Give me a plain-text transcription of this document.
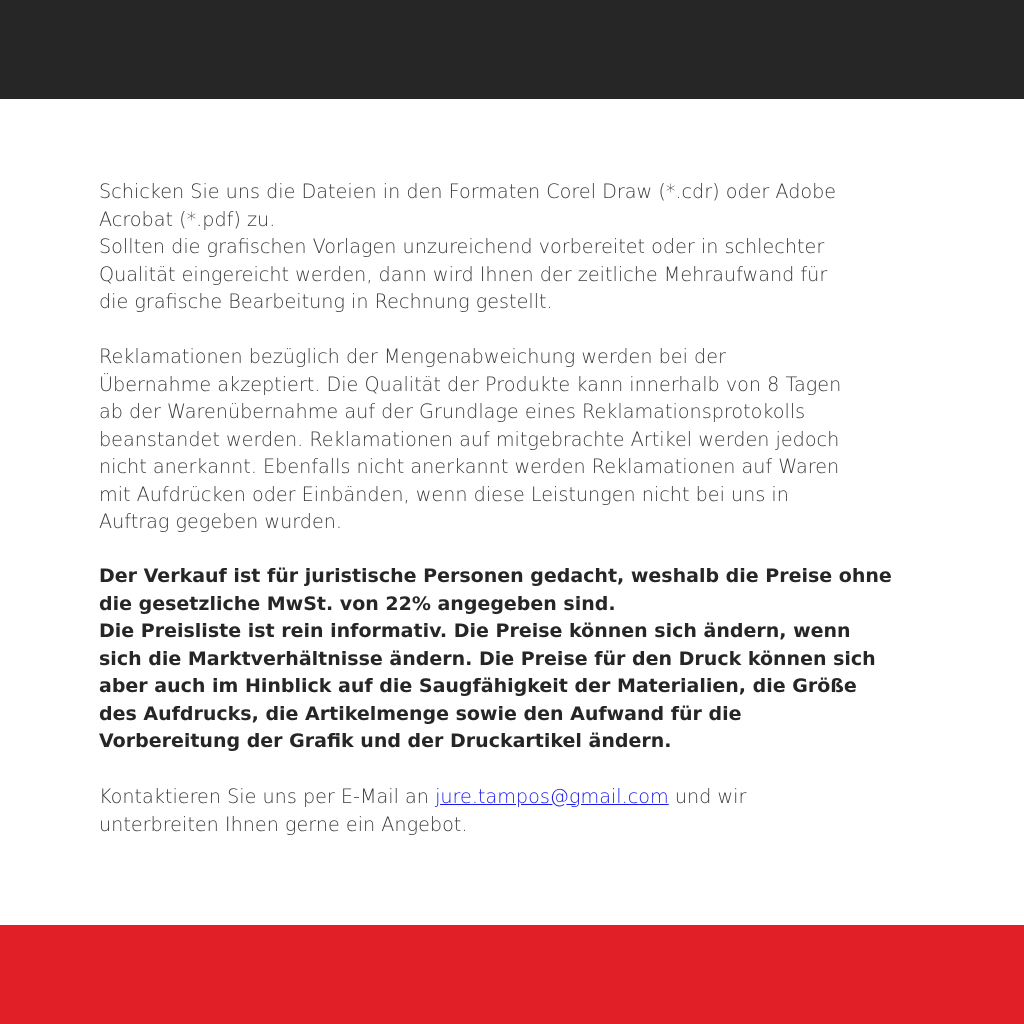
Schicken Sie uns die Dateien in den Formaten Corel Draw (*.cdr) oder Adobe
Acrobat (*.pdf) zu.
Sollten die grafischen Vorlagen unzureichend vorbereitet oder in schlechter
Qualität eingereicht werden, dann wird Ihnen der zeitliche Mehraufwand für
die grafische Bearbeitung in Rechnung gestellt.

Reklamationen bezüglich der Mengenabweichung werden bei der
Übernahme akzeptiert. Die Qualität der Produkte kann innerhalb von 8 Tagen
ab der Warenübernahme auf der Grundlage eines Reklamationsprotokolls
beanstandet werden. Reklamationen auf mitgebrachte Artikel werden jedoch
nicht anerkannt. Ebenfalls nicht anerkannt werden Reklamationen auf Waren
mit Aufdrücken oder Einbänden, wenn diese Leistungen nicht bei uns in
Auftrag gegeben wurden.

Der Verkauf ist für juristische Personen gedacht, weshalb die Preise ohne
die gesetzliche MwSt. von 22% angegeben sind.
Die Preisliste ist rein informativ. Die Preise können sich ändern, wenn
sich die Marktverhältnisse ändern. Die Preise für den Druck können sich
aber auch im Hinblick auf die Saugfähigkeit der Materialien, die Größe
des Aufdrucks, die Artikelmenge sowie den Aufwand für die
Vorbereitung der Grafik und der Druckartikel ändern.

Kontaktieren Sie uns per E-Mail an jure.tampos@gmail.com und wir
unterbreiten Ihnen gerne ein Angebot.
